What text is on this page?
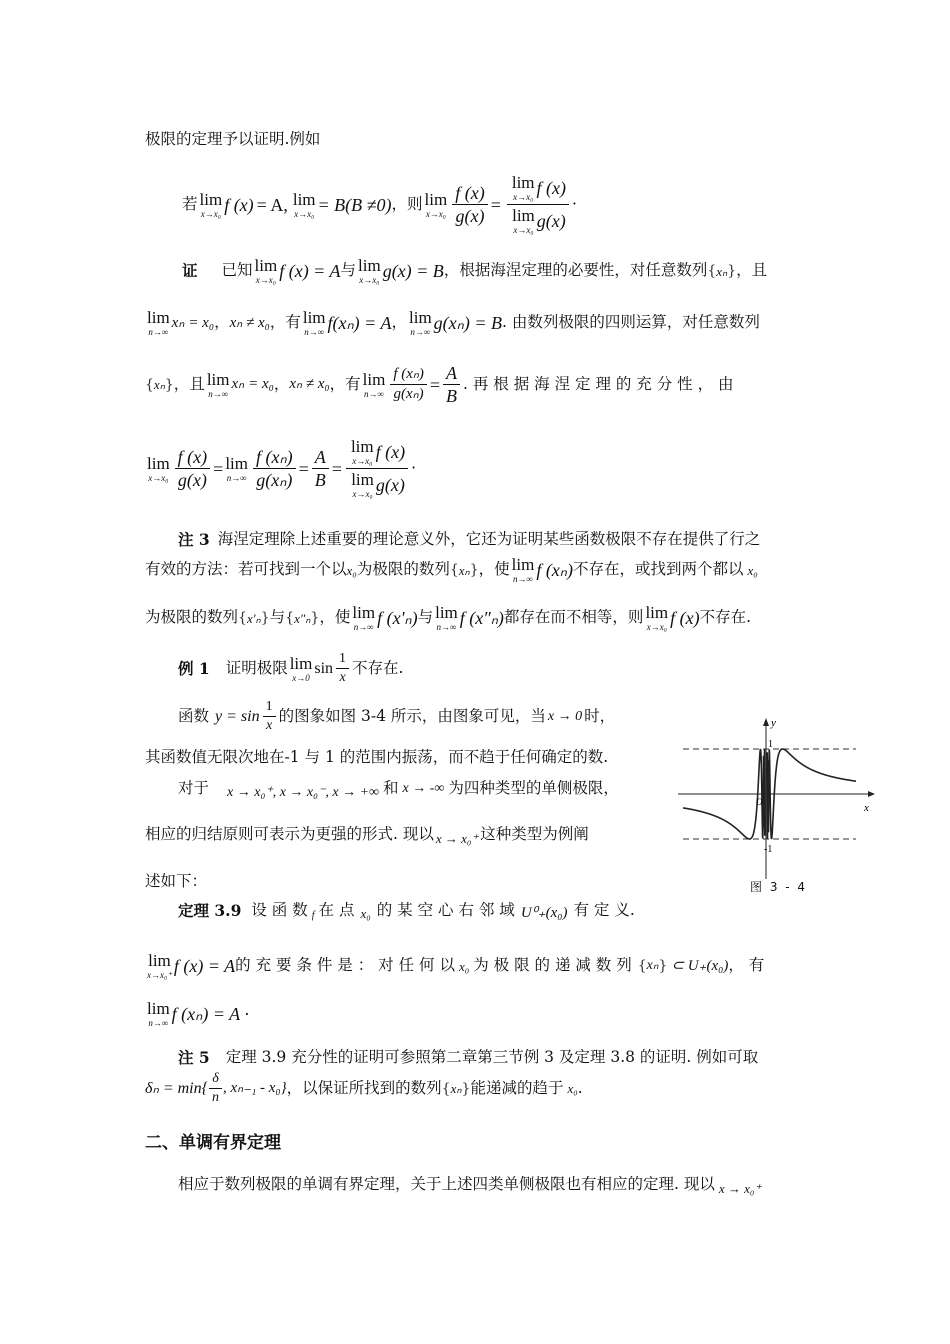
极限的定理予以证明.例如
若 lim
x→x₀ f (x) = A, lim
x→x₀ = B(B ≠0) ，则 lim
$x\to x_0 \frac{f (x)}{g(x)} = \lim$
x→x₀ f (x)
lim
x→x₀ g(x) ·
证 已知 lim
x→x₀ f (x) = A 与 lim
x→x₀ g(x) = B ，根据海涅定理的必要性，对任意数列 { xₙ } ，且
lim
n→∞
xₙ = x₀ ， xₙ ≠ x₀ ，有 lim
n→∞ f(xₙ) = A ， lim
n→∞ g(xₙ) = B . 由数列极限的四则运算，对任意数列
{ xₙ } ，且 lim
n→∞
xₙ = x₀ ， xₙ ≠ x₀ ，有 lim
$n\to\infty \frac{\text{f (xₙ)}}{\text{g(xₙ)}} = \frac{A}{B}$ . 再 根 据 海 涅 定 理 的 充 分 性 ， 由
lim
$x\to x_0 \frac{f (x)}{g(x)} = \lim$
$n\to\infty \frac{\text{f (xₙ)}}{\text{g(xₙ)}} = \frac{A}{B} = \lim$
x→x₀ f (x)
lim
x→x₀ g(x) ·
注 3 海涅定理除上述重要的理论意义外，它还为证明某些函数极限不存在提供了行之
有效的方法：若可找到一个以 x₀ 为极限的数列 { xₙ } ，使 lim
n→∞ f (xₙ) 不存在，或找到两个都以 x₀
为极限的数列 { x′ₙ } 与 { x″ₙ } ，使 lim
n→∞ f (x'ₙ) 与 lim
n→∞ f (x″ₙ) 都存在而不相等，则 lim
x→x₀ f (x) 不存在.
例 1 证明极限 lim
x→0
$\sin \frac{1}{x}$ 不存在.
函数 $y = \sin \frac{1}{x}$ 的图象如图 3-4 所示，由图象可见，当 x → 0 时，
其函数值无限次地在-1 与 1 的范围内振荡，而不趋于任何确定的数.
对于 x → x₀⁺, x → x₀⁻, x → +∞ 和 x → -∞ 为四种类型的单侧极限，
相应的归结原则可表示为更强的形式. 现以 x → x₀⁺ 这种类型为例阐
述如下：
y
x
1
-1
O
图 3 - 4
定理 3.9 设 函 数 f 在 点 x₀ 的 某 空 心 右 邻 域 U⁰₊(x₀) 有 定 义.
lim
x→x₀⁺ f (x) = A 的 充 要 条 件 是 ： 对 任 何 以 x₀ 为 极 限 的 递 减 数 列 { xₙ } ⊂ U₊(x₀) ， 有
lim
n→∞ f (xₙ) = A ·
注 5 定理 3.9 充分性的证明可参照第二章第三节例 3 及定理 3.8 的证明. 例如可取
$\delta_n = \min\{ \frac{\delta}{n}$ , xₙ₋₁ - x₀} ，以保证所找到的数列 { xₙ } 能递减的趋于 x₀ .
二、单调有界定理
相应于数列极限的单调有界定理，关于上述四类单侧极限也有相应的定理. 现以 x → x₀⁺
